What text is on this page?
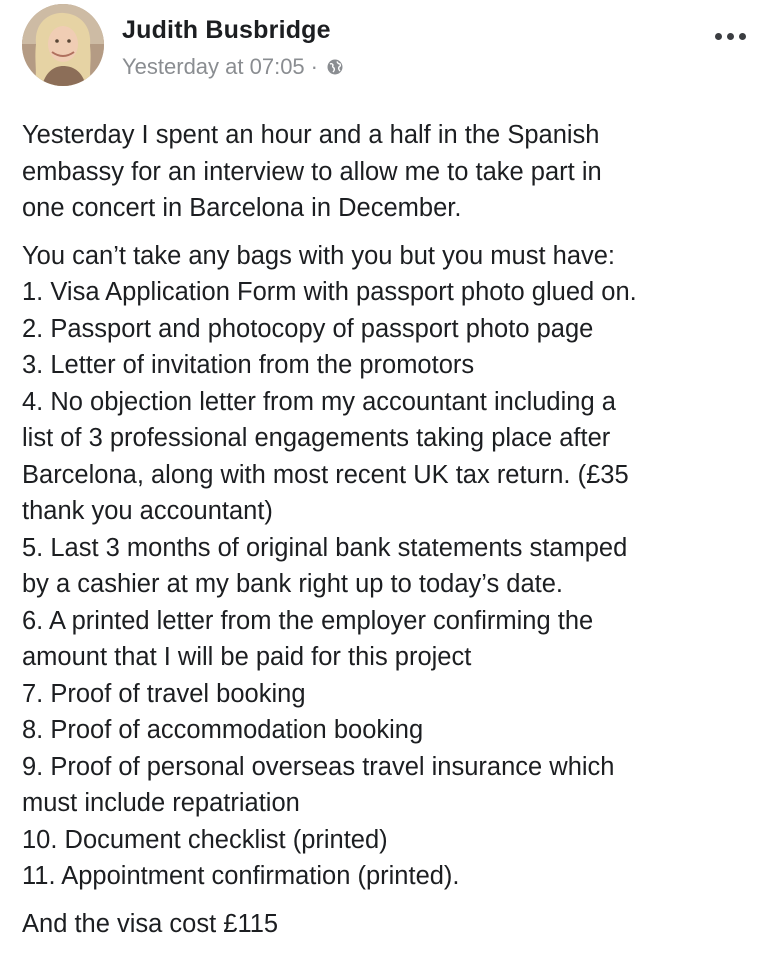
Judith Busbridge
Yesterday at 07:05 ·
Yesterday I spent an hour and a half in the Spanish
embassy for an interview to allow me to take part in
one concert in Barcelona in December.
You can’t take any bags with you but you must have:
1. Visa Application Form with passport photo glued on.
2. Passport and photocopy of passport photo page
3. Letter of invitation from the promotors
4. No objection letter from my accountant including a
list of 3 professional engagements taking place after
Barcelona, along with most recent UK tax return. (£35
thank you accountant)
5. Last 3 months of original bank statements stamped
by a cashier at my bank right up to today’s date.
6. A printed letter from the employer confirming the
amount that I will be paid for this project
7. Proof of travel booking
8. Proof of accommodation booking
9. Proof of personal overseas travel insurance which
must include repatriation
10. Document checklist (printed)
11. Appointment confirmation (printed).
And the visa cost £115
